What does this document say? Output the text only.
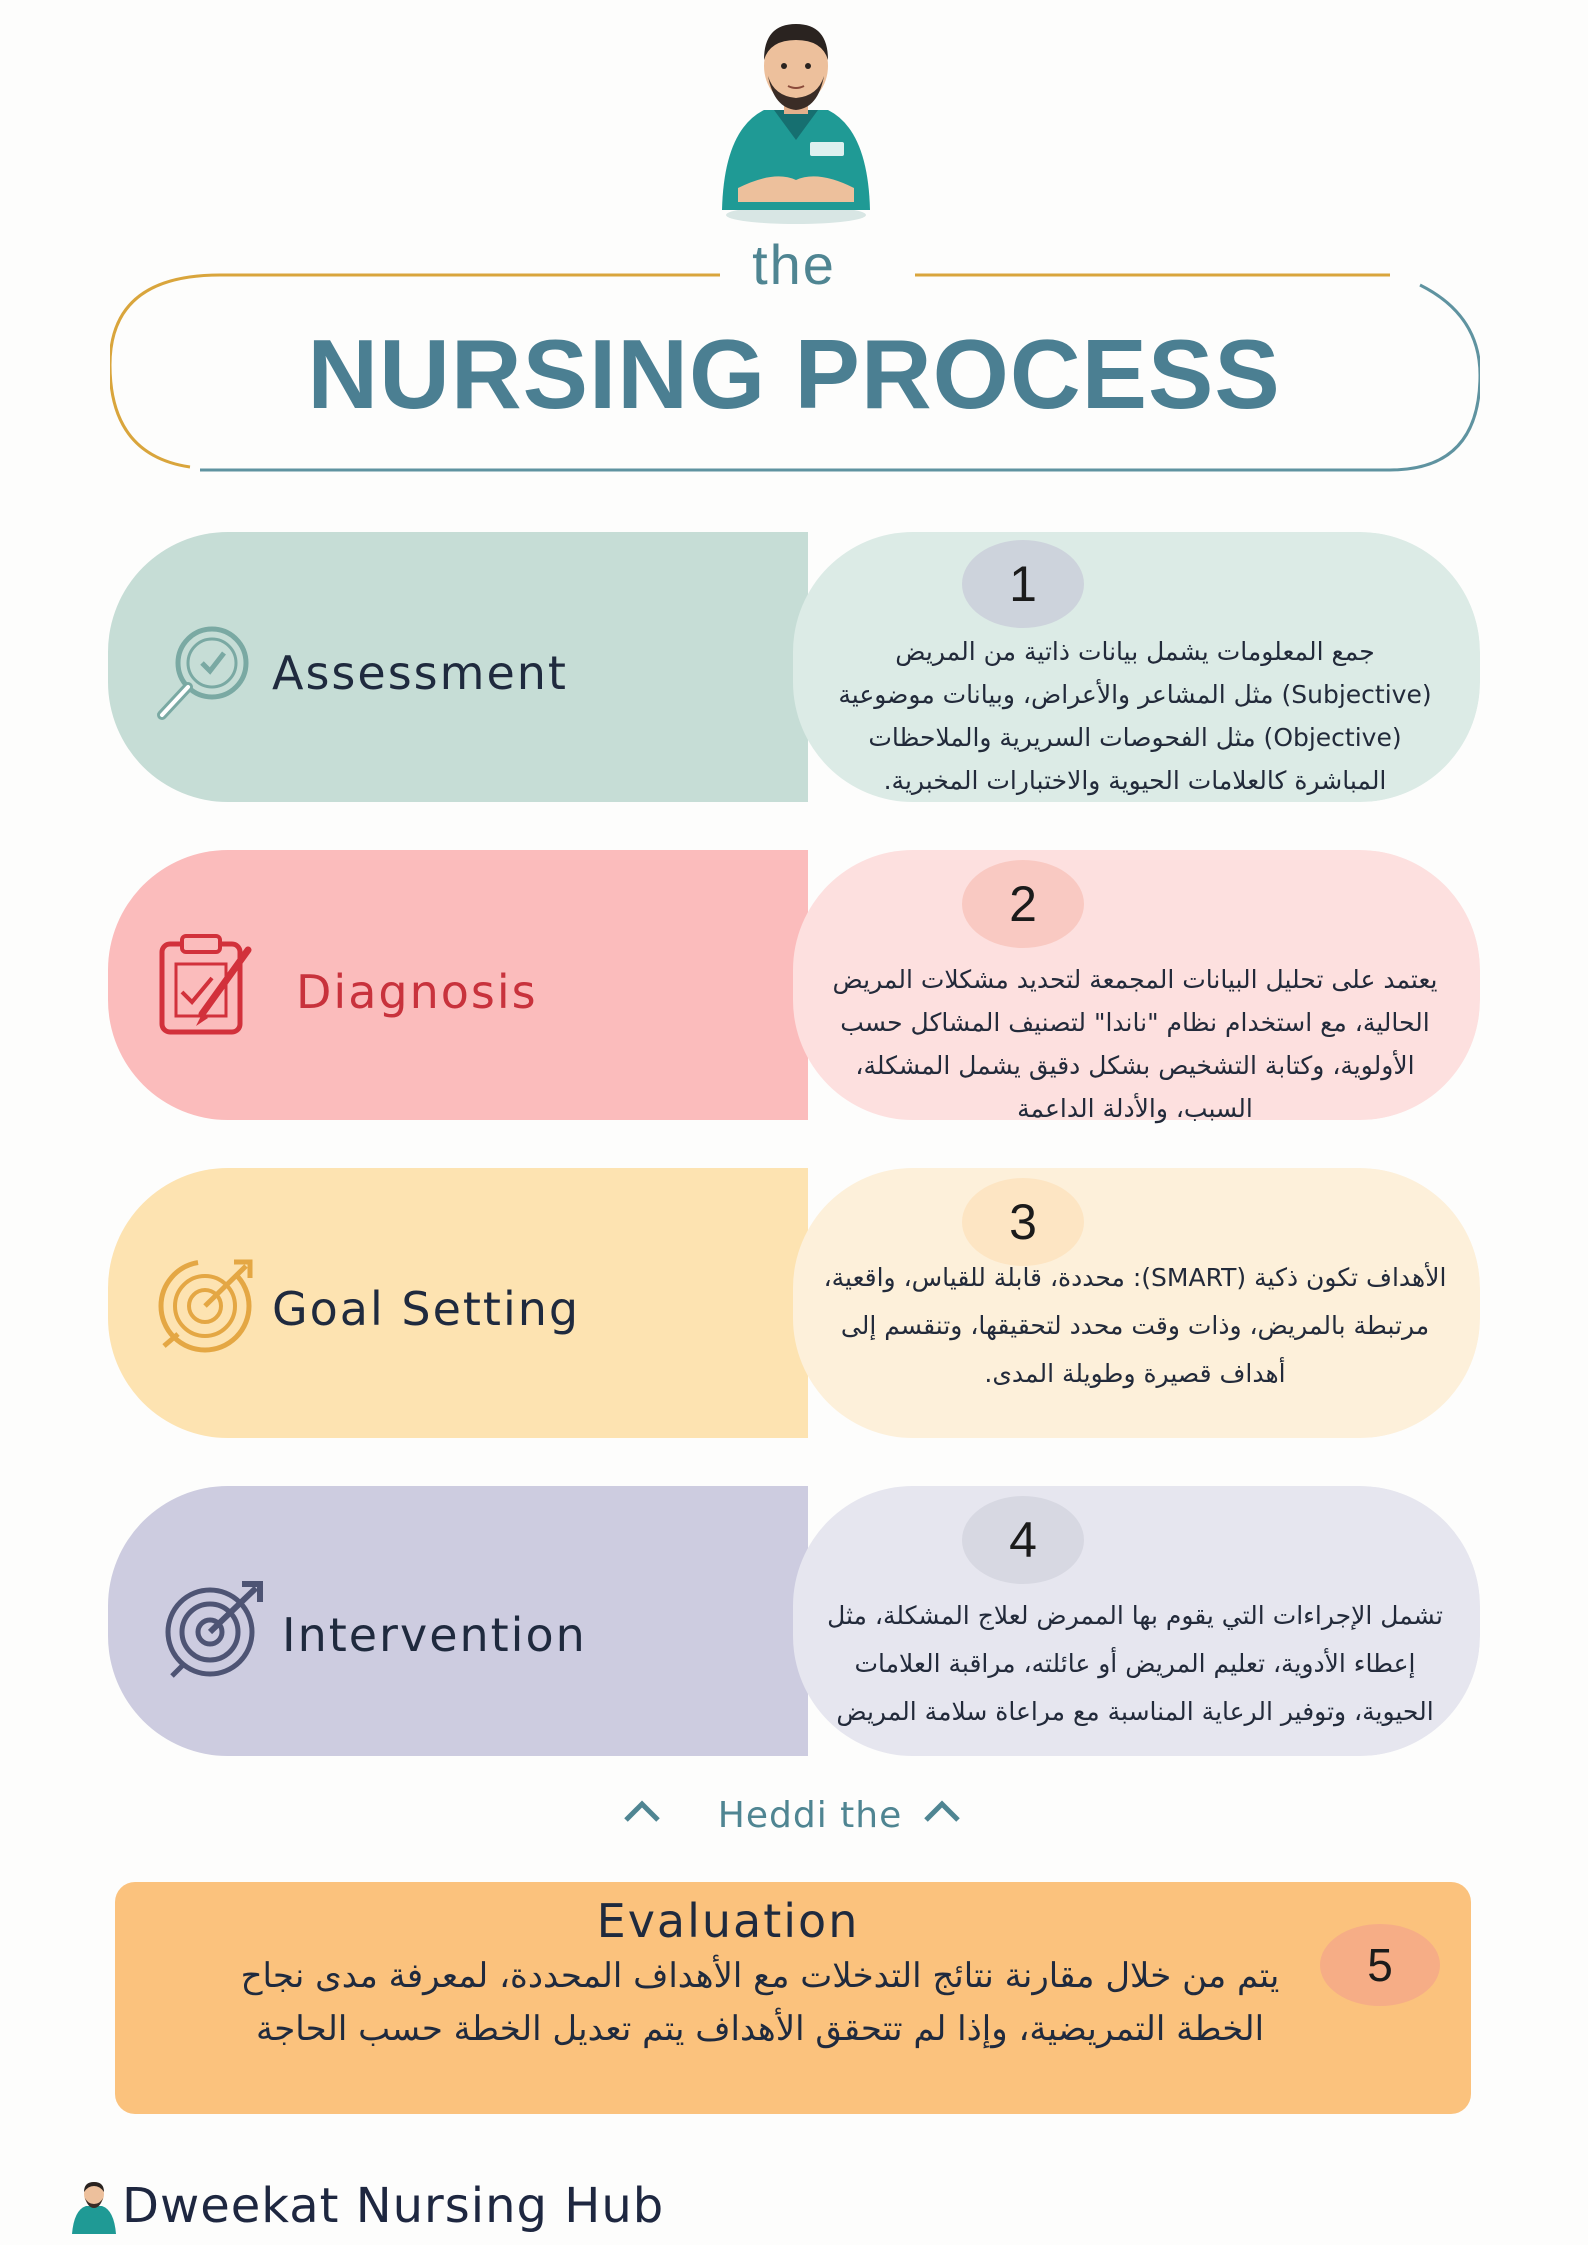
the
NURSING PROCESS
1
Assessment	جمع المعلومات يشمل بيانات ذاتية من المريض (Subjective) مثل المشاعر والأعراض، وبيانات موضوعية (Objective) مثل الفحوصات السريرية والملاحظات المباشرة كالعلامات الحيوية والاختبارات المخبرية.
2
Diagnosis	يعتمد على تحليل البيانات المجمعة لتحديد مشكلات المريض الحالية، مع استخدام نظام "ناندا" لتصنيف المشاكل حسب الأولوية، وكتابة التشخيص بشكل دقيق يشمل المشكلة، السبب، والأدلة الداعمة
3
Goal Setting
الأهداف تكون ذكية (SMART): محددة، قابلة للقياس، واقعية، مرتبطة بالمريض، وذات وقت محدد لتحقيقها، وتنقسم إلى أهداف قصيرة وطويلة المدى.
4
Intervention	تشمل الإجراءات التي يقوم بها الممرض لعلاج المشكلة، مثل إعطاء الأدوية، تعليم المريض أو عائلته، مراقبة العلامات الحيوية، وتوفير الرعاية المناسبة مع مراعاة سلامة المريض
Heddi the
Evaluation
5
يتم من خلال مقارنة نتائج التدخلات مع الأهداف المحددة، لمعرفة مدى نجاح الخطة التمريضية، وإذا لم تتحقق الأهداف يتم تعديل الخطة حسب الحاجة
Dweekat Nursing Hub
